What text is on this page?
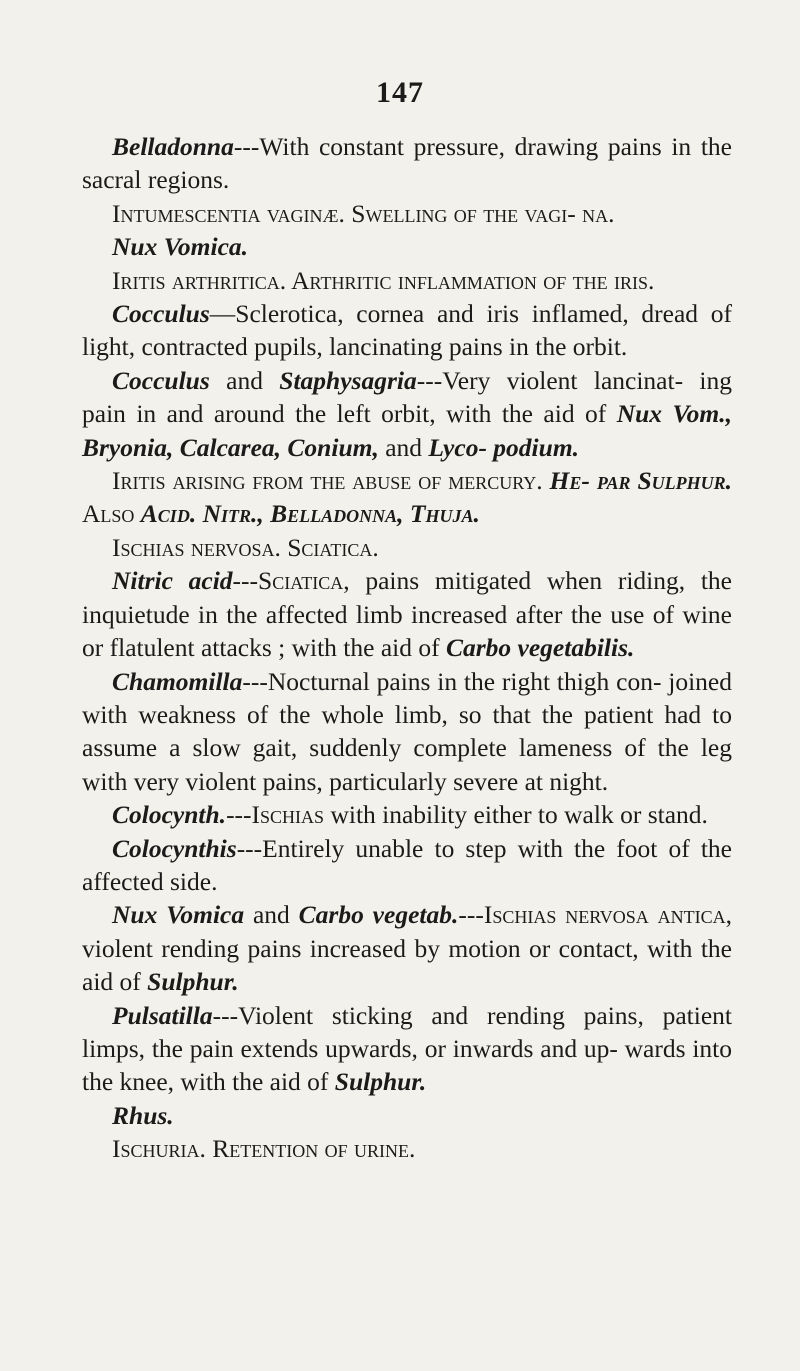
147

Belladonna---With constant pressure, drawing pains in the sacral regions.

Intumescentia vaginæ. Swelling of the vagi- na.

Nux Vomica.

Iritis arthritica. Arthritic inflammation of the iris.

Cocculus—Sclerotica, cornea and iris inflamed, dread of light, contracted pupils, lancinating pains in the orbit.

Cocculus and Staphysagria---Very violent lancinat- ing pain in and around the left orbit, with the aid of Nux Vom., Bryonia, Calcarea, Conium, and Lyco- podium.

Iritis arising from the abuse of mercury. He- par Sulphur. Also Acid. Nitr., Belladonna, Thuja.

Ischias nervosa. Sciatica.

Nitric acid---Sciatica, pains mitigated when riding, the inquietude in the affected limb increased after the use of wine or flatulent attacks ; with the aid of Carbo vegetabilis.

Chamomilla---Nocturnal pains in the right thigh con- joined with weakness of the whole limb, so that the patient had to assume a slow gait, suddenly complete lameness of the leg with very violent pains, particularly severe at night.

Colocynth.---Ischias with inability either to walk or stand.

Colocynthis---Entirely unable to step with the foot of the affected side.

Nux Vomica and Carbo vegetab.---Ischias nervosa antica, violent rending pains increased by motion or contact, with the aid of Sulphur.

Pulsatilla---Violent sticking and rending pains, patient limps, the pain extends upwards, or inwards and up- wards into the knee, with the aid of Sulphur.

Rhus.

Ischuria. Retention of urine.
